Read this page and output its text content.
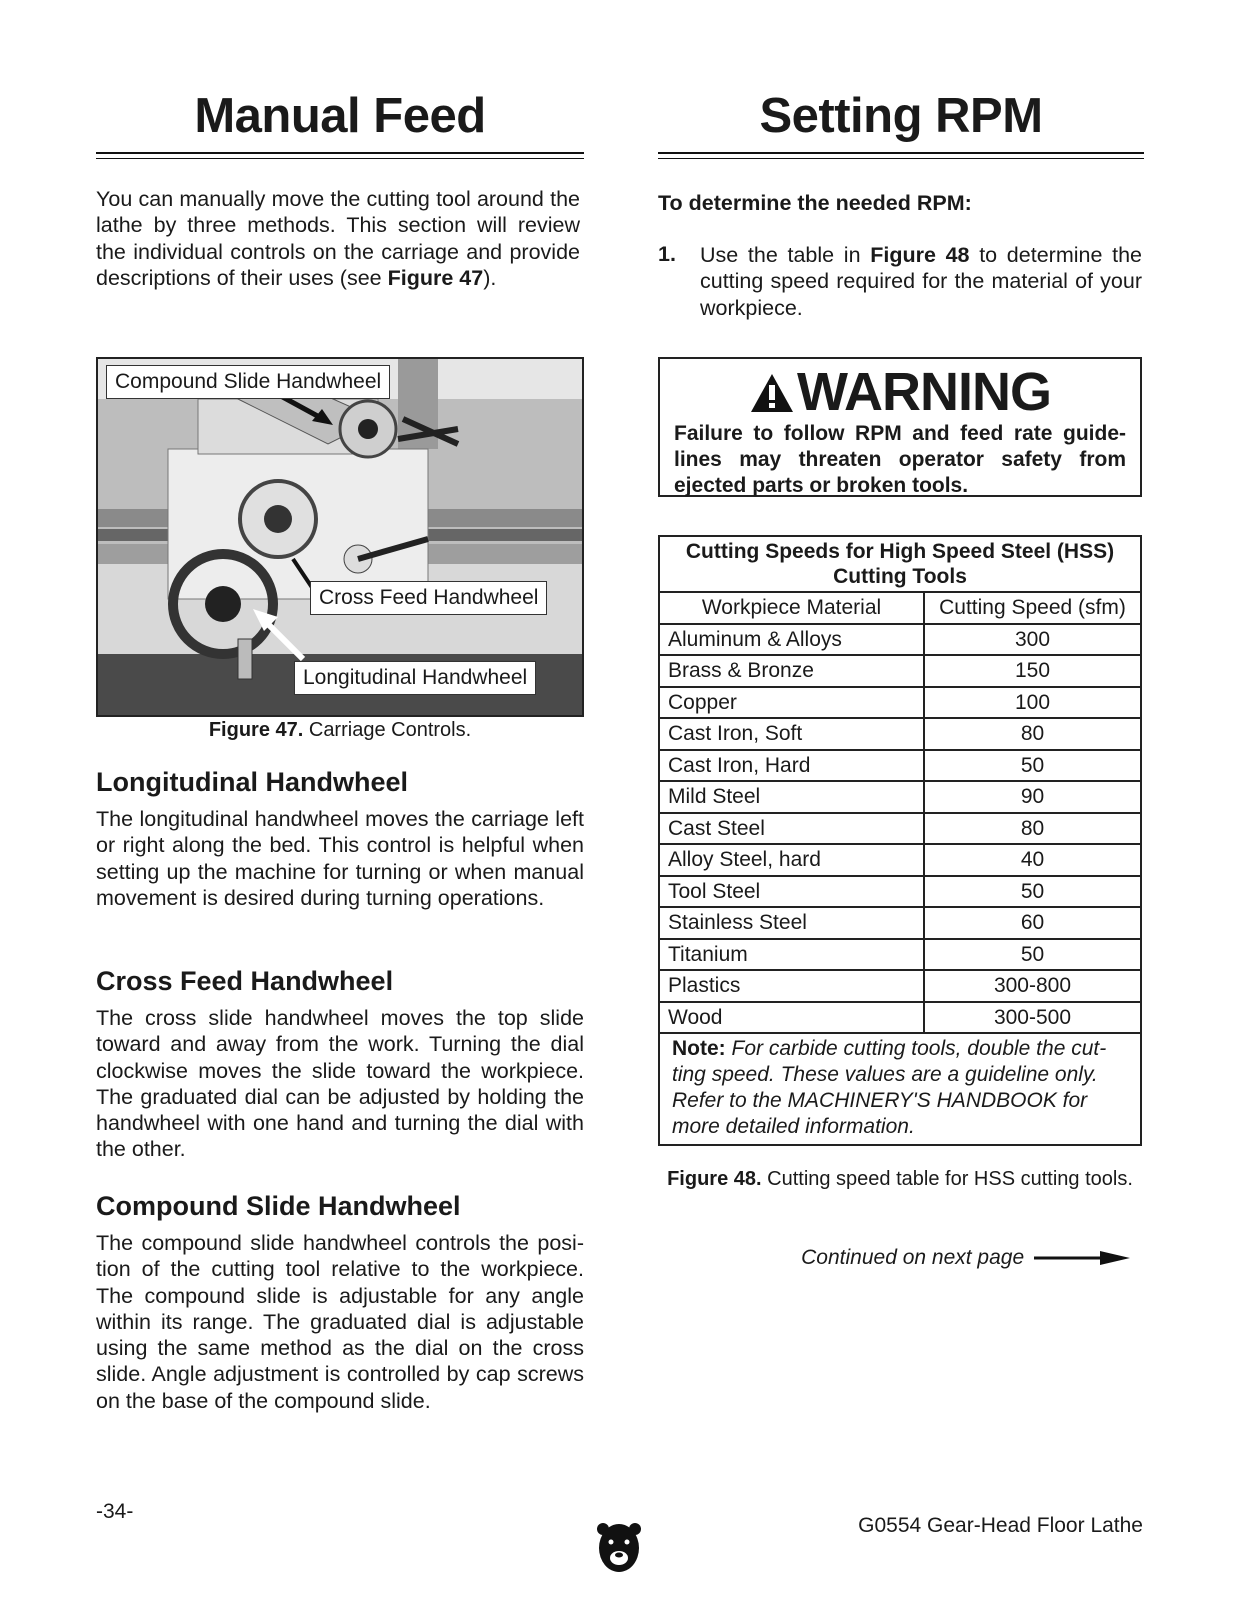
Manual Feed

You can manually move the cutting tool around the lathe by three methods. This section will review the individual controls on the carriage and provide descriptions of their uses (see Figure 47).

Compound Slide Handwheel
Cross Feed Handwheel
Longitudinal Handwheel
Figure 47. Carriage Controls.
Longitudinal Handwheel

The longitudinal handwheel moves the carriage left or right along the bed. This control is helpful when setting up the machine for turning or when manual movement is desired during turning operations.

Cross Feed Handwheel

The cross slide handwheel moves the top slide toward and away from the work. Turning the dial clockwise moves the slide toward the workpiece. The graduated dial can be adjusted by holding the handwheel with one hand and turning the dial with the other.

Compound Slide Handwheel

The compound slide handwheel controls the position of the cutting tool relative to the workpiece. The compound slide is adjustable for any angle within its range. The graduated dial is adjustable using the same method as the dial on the cross slide. Angle adjustment is controlled by cap screws on the base of the compound slide.

Setting RPM

To determine the needed RPM:

1. Use the table in Figure 48 to determine the cutting speed required for the material of your workpiece.

WARNING
Failure to follow RPM and feed rate guidelines may threaten operator safety from ejected parts or broken tools.
Cutting Speeds for High Speed Steel (HSS) Cutting Tools	
Workpiece Material	Cutting Speed (sfm)
Aluminum & Alloys	300
Brass & Bronze	150
Copper	100
Cast Iron, Soft	80
Cast Iron, Hard	50
Mild Steel	90
Cast Steel	80
Alloy Steel, hard	40
Tool Steel	50
Stainless Steel	60
Titanium	50
Plastics	300-800
Wood	300-500
Note: For carbide cutting tools, double the cutting speed. These values are a guideline only. Refer to the MACHINERY'S HANDBOOK for more detailed information.	
Figure 48. Cutting speed table for HSS cutting tools.
Continued on next page
-34-
G0554 Gear-Head Floor Lathe
